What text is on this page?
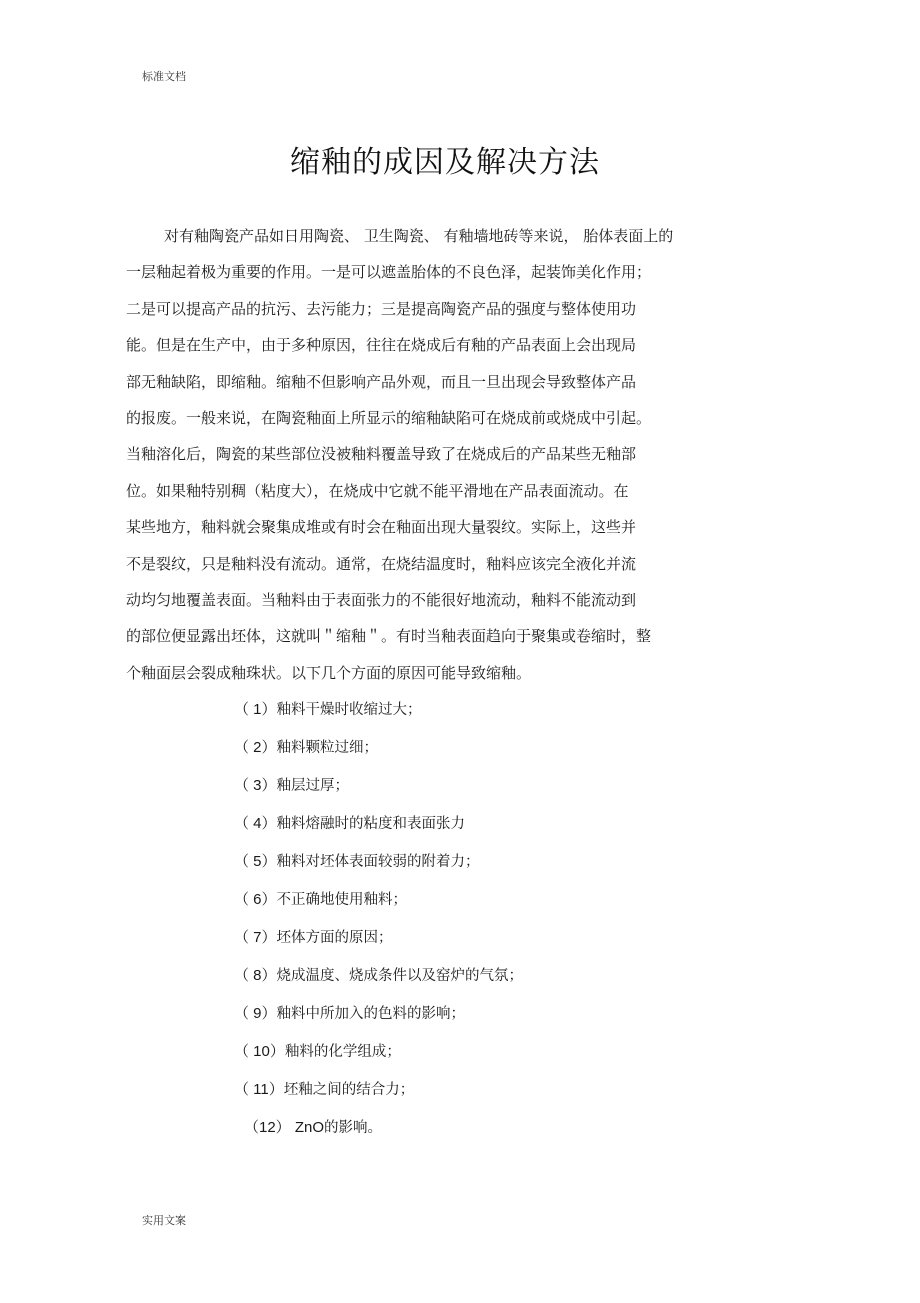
标准文档
缩釉的成因及解决方法
对有釉陶瓷产品如日用陶瓷、 卫生陶瓷、 有釉墙地砖等来说， 胎体表面上的
一层釉起着极为重要的作用。一是可以遮盖胎体的不良色泽，起装饰美化作用；
二是可以提高产品的抗污、去污能力；三是提高陶瓷产品的强度与整体使用功
能。但是在生产中，由于多种原因，往往在烧成后有釉的产品表面上会出现局
部无釉缺陷，即缩釉。缩釉不但影响产品外观，而且一旦出现会导致整体产品
的报废。一般来说，在陶瓷釉面上所显示的缩釉缺陷可在烧成前或烧成中引起。
当釉溶化后，陶瓷的某些部位没被釉料覆盖导致了在烧成后的产品某些无釉部
位。如果釉特别稠（粘度大），在烧成中它就不能平滑地在产品表面流动。在
某些地方，釉料就会聚集成堆或有时会在釉面出现大量裂纹。实际上，这些并
不是裂纹，只是釉料没有流动。通常，在烧结温度时，釉料应该完全液化并流
动均匀地覆盖表面。当釉料由于表面张力的不能很好地流动，釉料不能流动到
的部位便显露出坯体，这就叫＂缩釉＂。有时当釉表面趋向于聚集或卷缩时，整
个釉面层会裂成釉珠状。以下几个方面的原因可能导致缩釉。
（ 1）釉料干燥时收缩过大；
（ 2）釉料颗粒过细；
（ 3）釉层过厚；
（ 4）釉料熔融时的粘度和表面张力
（ 5）釉料对坯体表面较弱的附着力；
（ 6）不正确地使用釉料；
（ 7）坯体方面的原因；
（ 8）烧成温度、烧成条件以及窑炉的气氛；
（ 9）釉料中所加入的色料的影响；
（ 10）釉料的化学组成；
（ 11）坯釉之间的结合力；
（12） ZnO的影响。
实用文案
